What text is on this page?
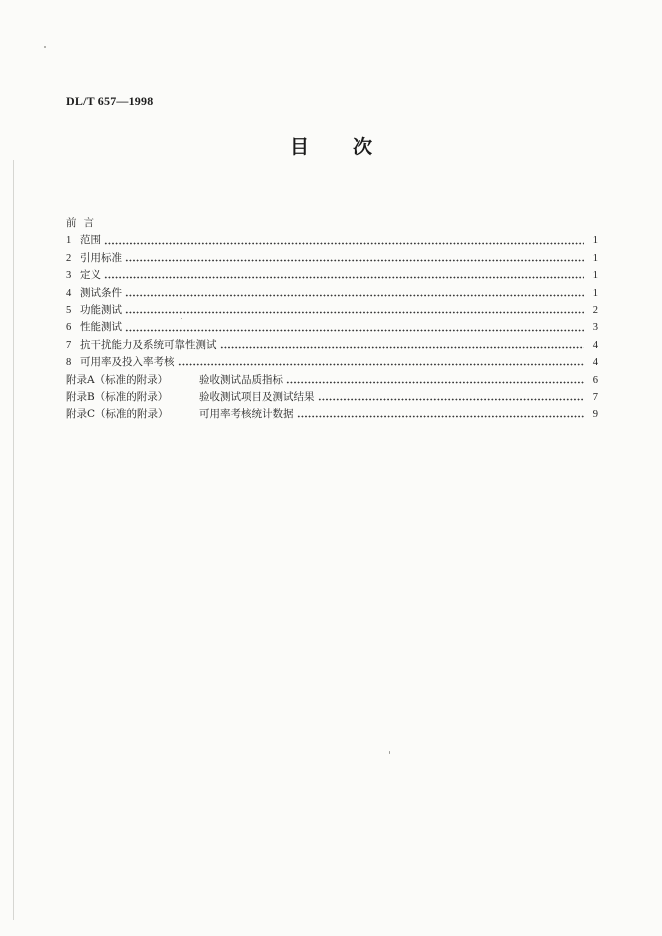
DL/T 657—1998
目次
前言
1 范围	1
2 引用标准	1
3 定义	1
4 测试条件	1
5 功能测试	2
6 性能测试	3
7 抗干扰能力及系统可靠性测试	4
8 可用率及投入率考核	4
附录A（标准的附录）	验收测试品质指标	6
附录B（标准的附录）	验收测试项目及测试结果	7
附录C（标准的附录）	可用率考核统计数据	9
